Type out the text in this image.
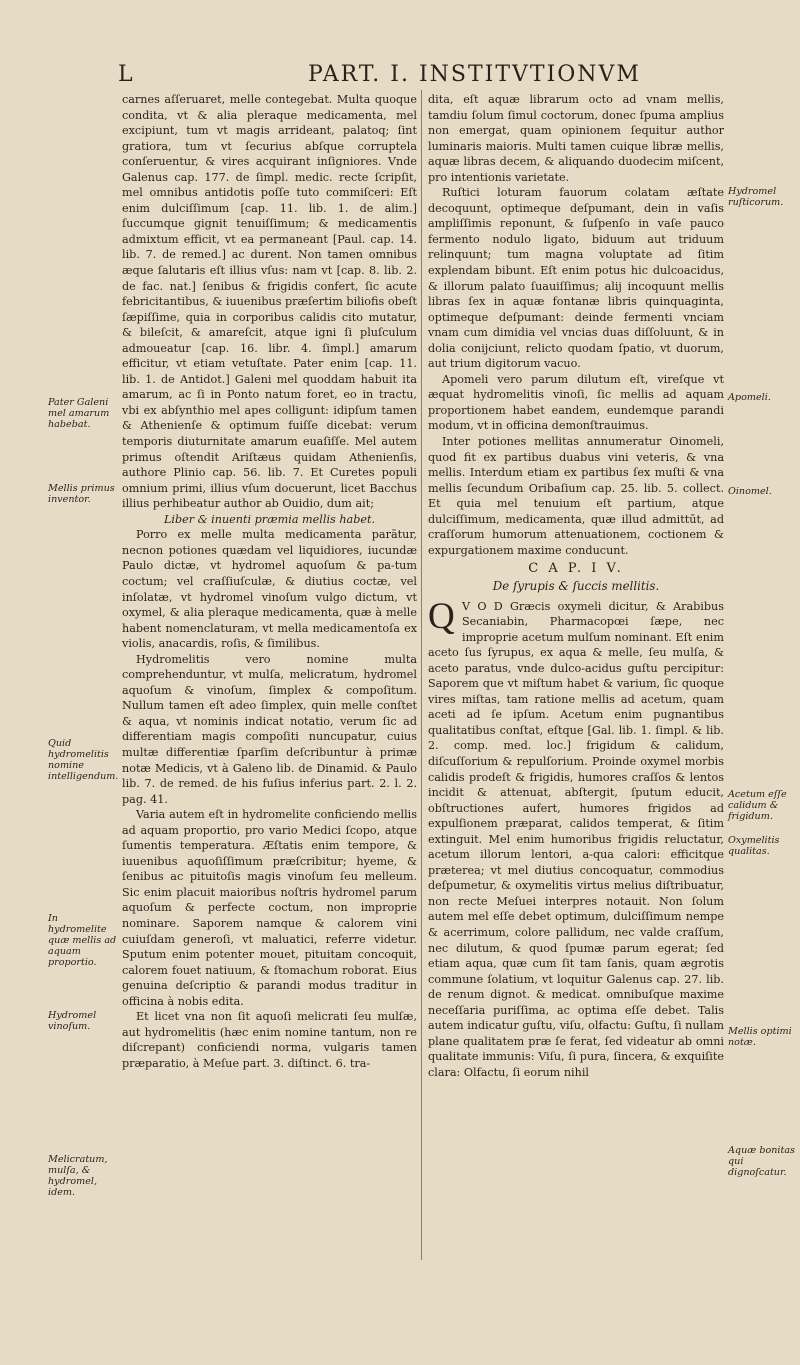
L	PART. I. INSTITVTIONVM

carnes aſſeruaret, melle contegebat. Multa quoque condita, vt & alia pleraque medicamenta, mel excipiunt, tum vt magis arrideant, palatoq; ſint gratiora, tum vt ſecurius abſque corruptela conſeruentur, & vires acquirant inſigniores. Vnde Galenus cap. 177. de ſimpl. medic. recte ſcripſit, mel omnibus antidotis poſſe tuto commiſceri: Eſt enim dulciſſimum [cap. 11. lib. 1. de alim.] ſuccumque gignit tenuiſſimum; & medicamentis admixtum efficit, vt ea permaneant [Paul. cap. 14. lib. 7. de remed.] ac durent. Non tamen omnibus æque ſalutaris eſt illius vſus: nam vt [cap. 8. lib. 2. de fac. nat.] ſenibus & frigidis confert, ſic acute febricitantibus, & iuuenibus præſertim biliofis obeſt ſæpiſſime, quia in corporibus calidis cito mutatur, & bileſcit, & amareſcit, atque igni ſi pluſculum admoueatur [cap. 16. libr. 4. ſimpl.] amarum efficitur, vt etiam vetuſtate. Pater enim [cap. 11. lib. 1. de Antidot.] Galeni mel quoddam habuit ita amarum, ac ſi in Ponto natum foret, eo in tractu, vbi ex abſynthio mel apes colligunt: idipſum tamen & Athenienſe & optimum fuiſſe dicebat: verum temporis diuturnitate amarum euaſiſſe. Mel autem primus oſtendit Ariſtæus quidam Athenienſis, authore Plinio cap. 56. lib. 7. Et Curetes populi omnium primi, illius vſum docuerunt, licet Bacchus illius perhibeatur author ab Ouidio, dum ait;

Liber & inuenti præmia mellis habet.

Porro ex melle multa medicamenta parātur, necnon potiones quædam vel liquidiores, iucundæ Paulo dictæ, vt hydromel aquoſum & pa‑tum coctum; vel craſſiuſculæ, & diutius coctæ, vel inſolatæ, vt hydromel vinoſum vulgo dictum, vt oxymel, & alia pleraque medicamenta, quæ à melle habent nomenclaturam, vt mella medicamentoſa ex violis, anacardis, roſis, & ſimilibus.

Hydromelitis vero nomine multa comprehenduntur, vt mulſa, melicratum, hydromel aquoſum & vinoſum, ſimplex & compoſitum. Nullum tamen eſt adeo ſimplex, quin melle conſtet & aqua, vt nominis indicat notatio, verum ſic ad differentiam magis compoſiti nuncupatur, cuius multæ differentiæ ſparſim deſcribuntur à primæ notæ Medicis, vt à Galeno lib. de Dinamid. & Paulo lib. 7. de remed. de his fuſius inferius part. 2. l. 2. pag. 41.

Varia autem eſt in hydromelite conficiendo mellis ad aquam proportio, pro vario Medici ſcopo, atque ſumentis temperatura. Æſtatis enim tempore, & iuuenibus aquoſiſſimum præſcribitur; hyeme, & ſenibus ac pituitoſis magis vinoſum ſeu melleum. Sic enim placuit maioribus noſtris hydromel parum aquoſum & perfecte coctum, non improprie nominare. Saporem namque & calorem vini cuiuſdam generoſi, vt maluatici, referre videtur. Sputum enim potenter mouet, pituitam concoquit, calorem fouet natiuum, & ſtomachum roborat. Eius genuina deſcriptio & parandi modus traditur in officina à nobis edita.

Et licet vna non ſit aquoſi melicrati ſeu mulſæ, aut hydromelitis (hæc enim nomine tantum, non re diſcrepant) conficiendi norma, vulgaris tamen præparatio, à Meſue part. 3. diſtinct. 6. tra-

dita, eſt aquæ librarum octo ad vnam mellis, tamdiu ſolum ſimul coctorum, donec ſpuma amplius non emergat, quam opinionem ſequitur author luminaris maioris. Multi tamen cuique libræ mellis, aquæ libras decem, & aliquando duodecim miſcent, pro intentionis varietate.

Ruſtici loturam fauorum colatam æſtate decoquunt, optimeque deſpumant, dein in vaſis ampliſſimis reponunt, & ſuſpenſo in vaſe pauco fermento nodulo ligato, biduum aut triduum relinquunt; tum magna voluptate ad ſitim explendam bibunt. Eſt enim potus hic dulcoacidus, & illorum palato ſuauiſſimus; alij incoquunt mellis libras ſex in aquæ fontanæ libris quinquaginta, optimeque deſpumant: deinde fermenti vnciam vnam cum dimidia vel vncias duas diſſoluunt, & in dolia conijciunt, relicto quodam ſpatio, vt duorum, aut trium digitorum vacuo.

Apomeli vero parum dilutum eſt, vireſque vt æquat hydromelitis vinoſi, ſic mellis ad aquam proportionem habet eandem, eundemque parandi modum, vt in officina demonſtrauimus.

Inter potiones mellitas annumeratur Oinomeli, quod fit ex partibus duabus vini veteris, & vna mellis. Interdum etiam ex partibus ſex muſti & vna mellis ſecundum Oribaſium cap. 25. lib. 5. collect. Et quia mel tenuium eſt partium, atque dulciſſimum, medicamenta, quæ illud admittūt, ad craſſorum humorum attenuationem, coctionem & expurgationem maxime conducunt.

C A P. I V.
De ſyrupis & ſuccis mellitis.

Q V O D Græcis oxymeli dicitur, & Arabibus Secaniabin, Pharmacopœi ſæpe, nec improprie acetum mulſum nominant. Eſt enim aceto ſus ſyrupus, ex aqua & melle, ſeu mulſa, & aceto paratus, vnde dulco-acidus guſtu percipitur: Saporem que vt miſtum habet & varium, ſic quoque vires miſtas, tam ratione mellis ad acetum, quam aceti ad ſe ipſum. Acetum enim pugnantibus qualitatibus conſtat, eſtque [Gal. lib. 1. ſimpl. & lib. 2. comp. med. loc.] frigidum & calidum, diſcuſſorium & repulſorium. Proinde oxymel morbis calidis prodeſt & frigidis, humores craſſos & lentos incidit & attenuat, abſtergit, ſputum educit, obſtructiones aufert, humores frigidos ad expulſionem præparat, calidos temperat, & ſitim extinguit. Mel enim humoribus frigidis reluctatur, acetum illorum lentori, a‑qua calori: efficitque præterea; vt mel diutius concoquatur, commodius deſpumetur, & oxymelitis virtus melius diſtribuatur, non recte Meſuei interpres notauit. Non ſolum autem mel eſſe debet optimum, dulciſſimum nempe & acerrimum, colore pallidum, nec valde craſſum, nec dilutum, & quod ſpumæ parum egerat; ſed etiam aqua, quæ cum ſit tam ſanis, quam ægrotis commune ſolatium, vt loquitur Galenus cap. 27. lib. de renum dignot. & medicat. omnibuſque maxime neceſſaria puriſſima, ac optima eſſe debet. Talis autem indicatur guſtu, viſu, olfactu: Guſtu, ſi nullam plane qualitatem præ ſe ferat, ſed videatur ab omni qualitate immunis: Viſu, ſi pura, ſincera, & exquiſite clara: Olfactu, ſi eorum nihil

Pater Galeni mel amarum habebat.
Mellis primus inventor.
Quid hydromelitis nomine intelligendum.
In hydromelite quæ mellis ad aquam proportio.
Hydromel vinoſum.
Melicratum, mulſa, & hydromel, idem.
Hydromel ruſticorum.
Apomeli.
Oinomel.
Acetum eſſe calidum & frigidum.
Oxymelitis qualitas.
Mellis optimi notæ.
Aquæ bonitas qui dignoſcatur.
